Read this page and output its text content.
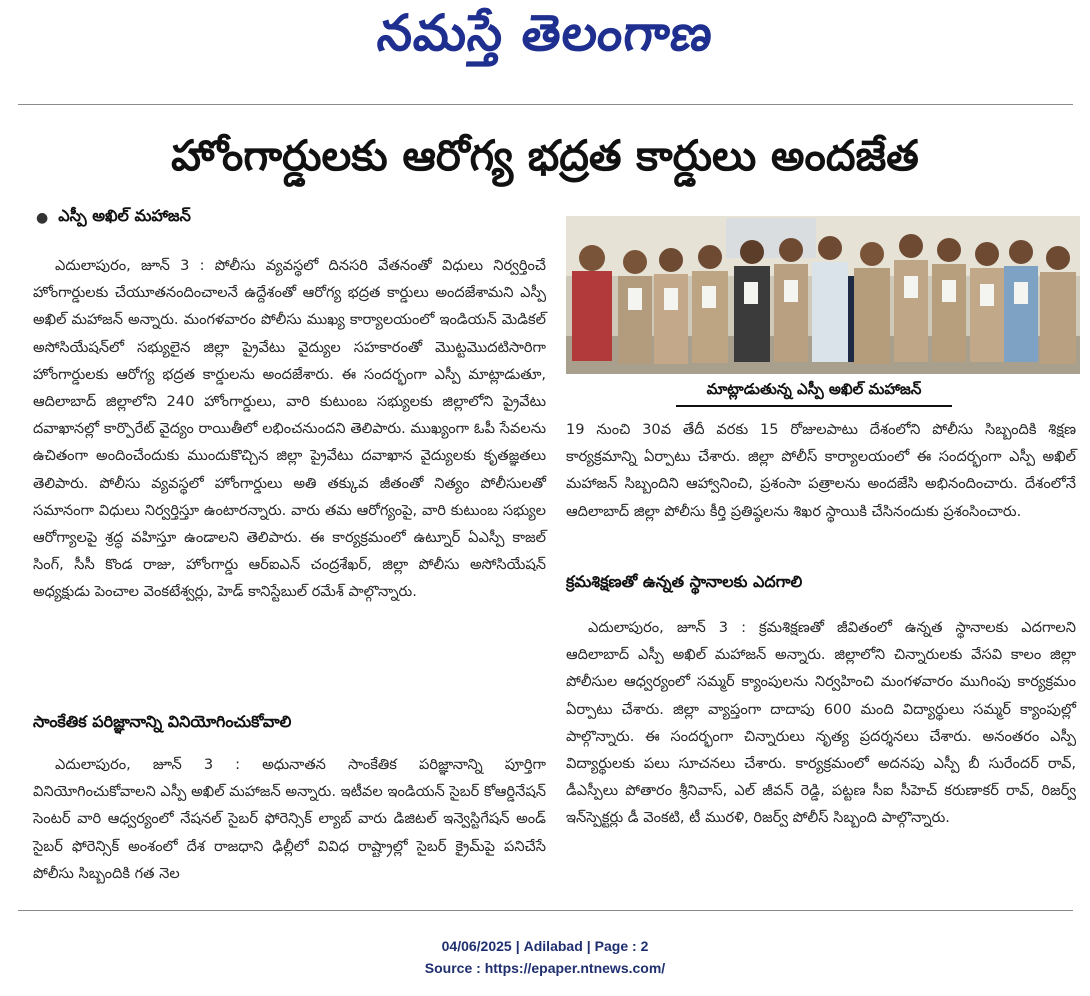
నమస్తే తెలంగాణ
హోంగార్డులకు ఆరోగ్య భద్రత కార్డులు అందజేత
● ఎస్పీ అఖిల్ మహాజన్

ఎదులాపురం, జూన్ 3 : పోలీసు వ్యవస్థలో దినసరి వేతనంతో విధులు నిర్వర్తించే హోంగార్డులకు చేయూతనందించాలనే ఉద్దేశంతో ఆరోగ్య భద్రత కార్డులు అందజేశామని ఎస్పీ అఖిల్ మహాజన్ అన్నారు. మంగళవారం పోలీసు ముఖ్య కార్యాలయంలో ఇండియన్ మెడికల్ అసోసియేషన్‌లో సభ్యులైన జిల్లా ప్రైవేటు వైద్యుల సహకారంతో మొట్టమొదటిసారిగా హోంగార్డులకు ఆరోగ్య భద్రత కార్డులను అందజేశారు. ఈ సందర్భంగా ఎస్పీ మాట్లాడుతూ, ఆదిలాబాద్ జిల్లాలోని 240 హోంగార్డులు, వారి కుటుంబ సభ్యులకు జిల్లాలోని ప్రైవేటు దవాఖానల్లో కార్పొరేట్ వైద్యం రాయితీలో లభించనుందని తెలిపారు. ముఖ్యంగా ఓపీ సేవలను ఉచితంగా అందించేందుకు ముందుకొచ్చిన జిల్లా ప్రైవేటు దవాఖాన వైద్యులకు కృతజ్ఞతలు తెలిపారు. పోలీసు వ్యవస్థలో హోంగార్డులు అతి తక్కువ జీతంతో నిత్యం పోలీసులతో సమానంగా విధులు నిర్వర్తిస్తూ ఉంటారన్నారు. వారు తమ ఆరోగ్యంపై, వారి కుటుంబ సభ్యుల ఆరోగ్యాలపై శ్రద్ధ వహిస్తూ ఉండాలని తెలిపారు. ఈ కార్యక్రమంలో ఉట్నూర్ ఏఎస్పీ కాజల్ సింగ్, సీసీ కొండ రాజు, హోంగార్డు ఆర్ఐఎన్ చంద్రశేఖర్, జిల్లా పోలీసు అసోసియేషన్ అధ్యక్షుడు పెంచాల వెంకటేశ్వర్లు, హెడ్ కానిస్టేబుల్ రమేశ్ పాల్గొన్నారు.

మాట్లాడుతున్న ఎస్పీ అఖిల్ మహాజన్

19 నుంచి 30వ తేదీ వరకు 15 రోజులపాటు దేశంలోని పోలీసు సిబ్బందికి శిక్షణ కార్యక్రమాన్ని ఏర్పాటు చేశారు. జిల్లా పోలీస్ కార్యాలయంలో ఈ సందర్భంగా ఎస్పీ అఖిల్ మహాజన్ సిబ్బందిని ఆహ్వానించి, ప్రశంసా పత్రాలను అందజేసి అభినందించారు. దేశంలోనే ఆదిలాబాద్ జిల్లా పోలీసు కీర్తి ప్రతిష్ఠలను శిఖర స్థాయికి చేసినందుకు ప్రశంసించారు.

క్రమశిక్షణతో ఉన్నత స్థానాలకు ఎదగాలి

ఎదులాపురం, జూన్ 3 : క్రమశిక్షణతో జీవితంలో ఉన్నత స్థానాలకు ఎదగాలని ఆదిలాబాద్ ఎస్పీ అఖిల్ మహాజన్ అన్నారు. జిల్లాలోని చిన్నారులకు వేసవి కాలం జిల్లా పోలీసుల ఆధ్వర్యంలో సమ్మర్ క్యాంపులను నిర్వహించి మంగళవారం ముగింపు కార్యక్రమం ఏర్పాటు చేశారు. జిల్లా వ్యాప్తంగా దాదాపు 600 మంది విద్యార్థులు సమ్మర్ క్యాంపుల్లో పాల్గొన్నారు. ఈ సందర్భంగా చిన్నారులు నృత్య ప్రదర్శనలు చేశారు. అనంతరం ఎస్పీ విద్యార్థులకు పలు సూచనలు చేశారు. కార్యక్రమంలో అదనపు ఎస్పీ బీ సురేందర్ రావ్, డీఎస్పీలు పోతారం శ్రీనివాస్, ఎల్ జీవన్ రెడ్డి, పట్టణ సీఐ సీహెచ్ కరుణాకర్ రావ్, రిజర్వ్ ఇన్‌స్పెక్టర్లు డీ వెంకటి, టీ మురళి, రిజర్వ్ పోలీస్ సిబ్బంది పాల్గొన్నారు.

సాంకేతిక పరిజ్ఞానాన్ని వినియోగించుకోవాలి

ఎదులాపురం, జూన్ 3 : అధునాతన సాంకేతిక పరిజ్ఞానాన్ని పూర్తిగా వినియోగించుకోవాలని ఎస్పీ అఖిల్ మహాజన్ అన్నారు. ఇటీవల ఇండియన్ సైబర్ కోఆర్డినేషన్ సెంటర్ వారి ఆధ్వర్యంలో నేషనల్ సైబర్ ఫోరెన్సిక్ ల్యాబ్ వారు డిజిటల్ ఇన్వెస్టిగేషన్ అండ్ సైబర్ ఫోరెన్సిక్ అంశంలో దేశ రాజధాని ఢిల్లీలో వివిధ రాష్ట్రాల్లో సైబర్ క్రైమ్‌పై పనిచేసే పోలీసు సిబ్బందికి గత నెల

04/06/2025 | Adilabad | Page : 2
Source : https://epaper.ntnews.com/
